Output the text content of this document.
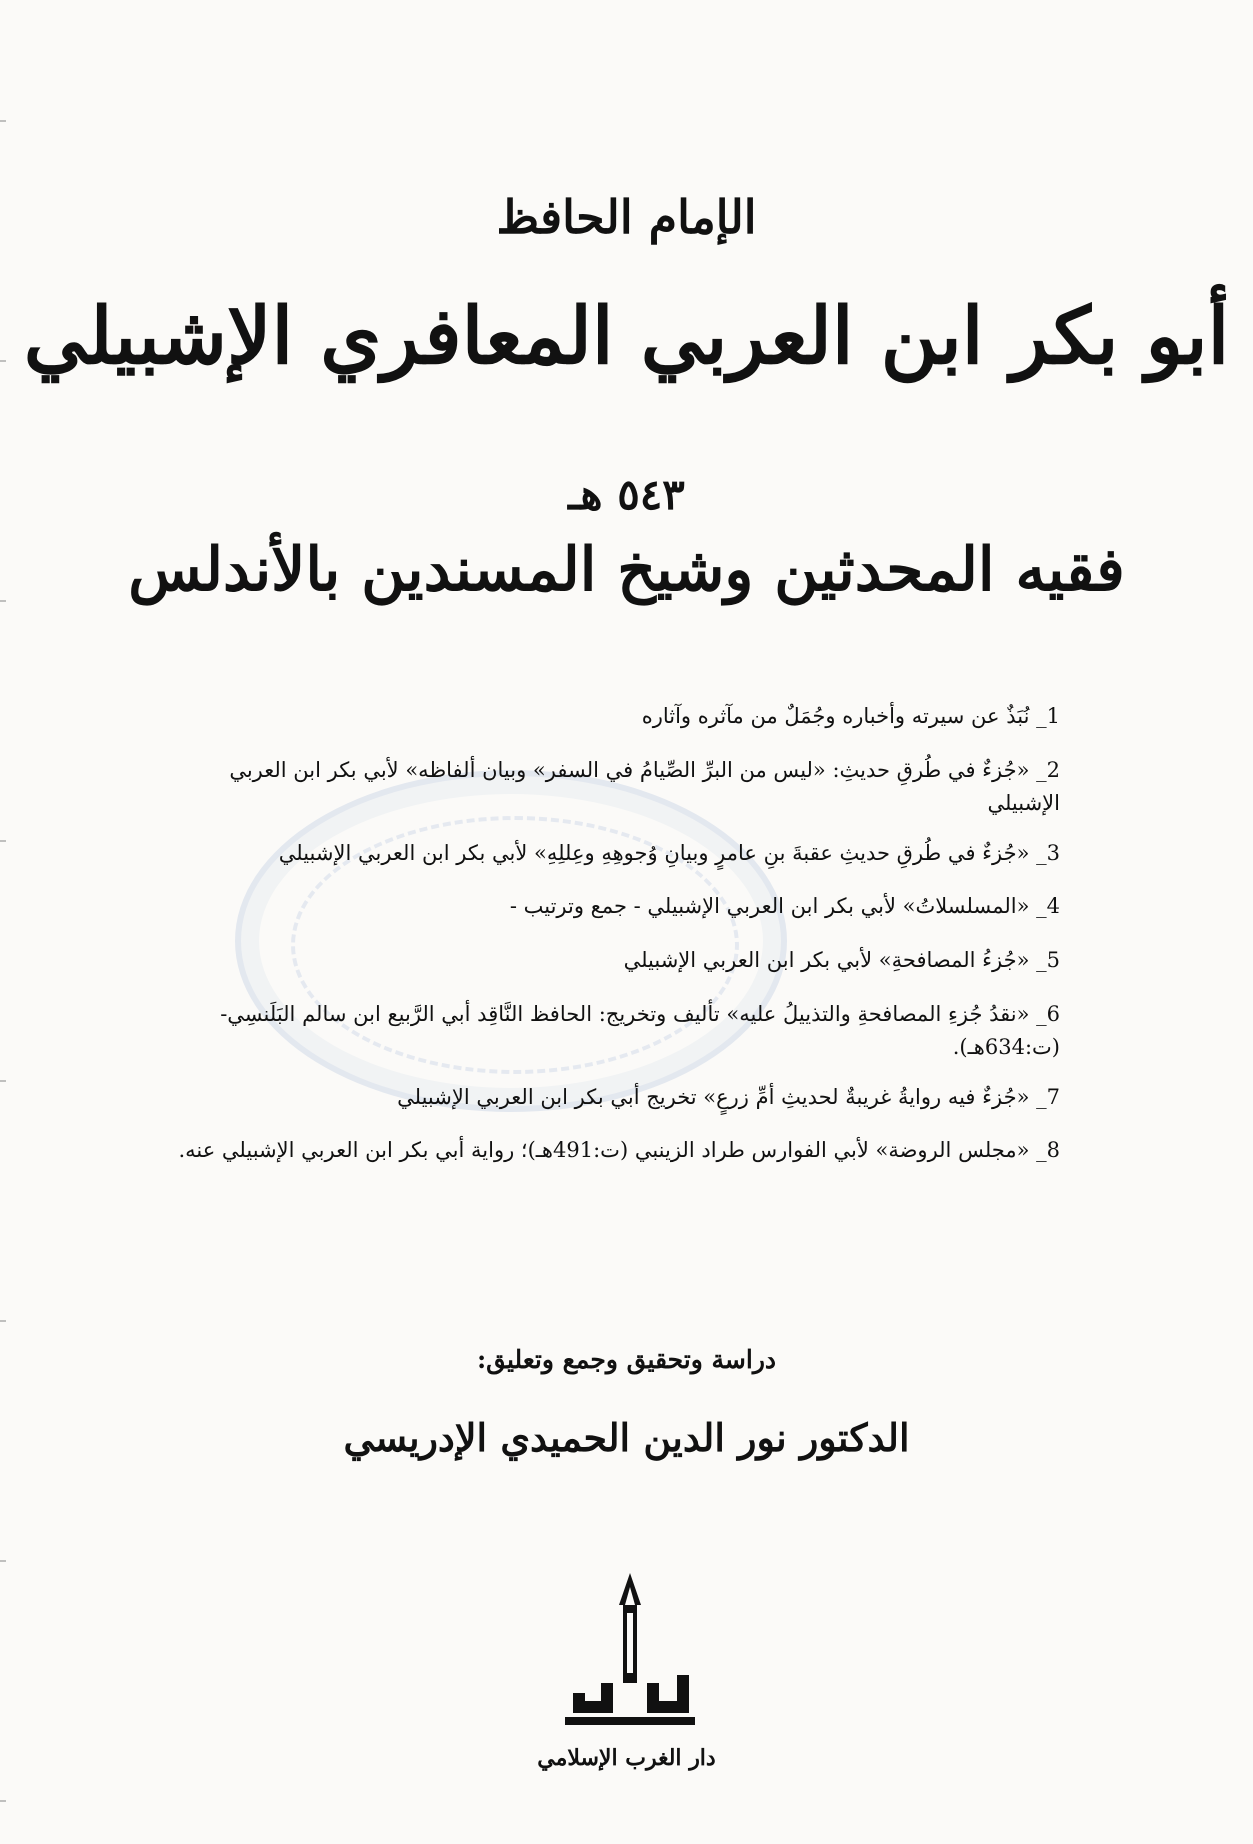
الإمام الحافظ
أبو بكر ابن العربي المعافري الإشبيلي
٥٤٣ هـ
فقيه المحدثين وشيخ المسندين بالأندلس
1_ نُبَذٌ عن سيرته وأخباره وجُمَلٌ من مآثره وآثاره
2_ «جُزءٌ في طُرقِ حديثِ: «ليس من البرِّ الصِّيامُ في السفر» وبيان ألفاظه» لأبي بكر ابن العربي الإشبيلي
3_ «جُزءٌ في طُرقِ حديثِ عقبةَ بنِ عامرٍ وبيانِ وُجوهِهِ وعِللِهِ» لأبي بكر ابن العربي الإشبيلي
4_ «المسلسلاتُ» لأبي بكر ابن العربي الإشبيلي - جمع وترتيب -
5_ «جُزءُ المصافحةِ» لأبي بكر ابن العربي الإشبيلي
6_ «نقدُ جُزءِ المصافحةِ والتذييلُ عليه» تأليف وتخريج: الحافظ النَّاقِد أبي الرَّبيع ابن سالم البَلَنسِي- (ت:634هـ).
7_ «جُزءٌ فيه روايةُ غريبةٌ لحديثِ أمِّ زرعٍ» تخريج أبي بكر ابن العربي الإشبيلي
8_ «مجلس الروضة» لأبي الفوارس طراد الزينبي (ت:491هـ)؛ رواية أبي بكر ابن العربي الإشبيلي عنه.
دراسة وتحقيق وجمع وتعليق:
الدكتور نور الدين الحميدي الإدريسي
دار الغرب الإسلامي
